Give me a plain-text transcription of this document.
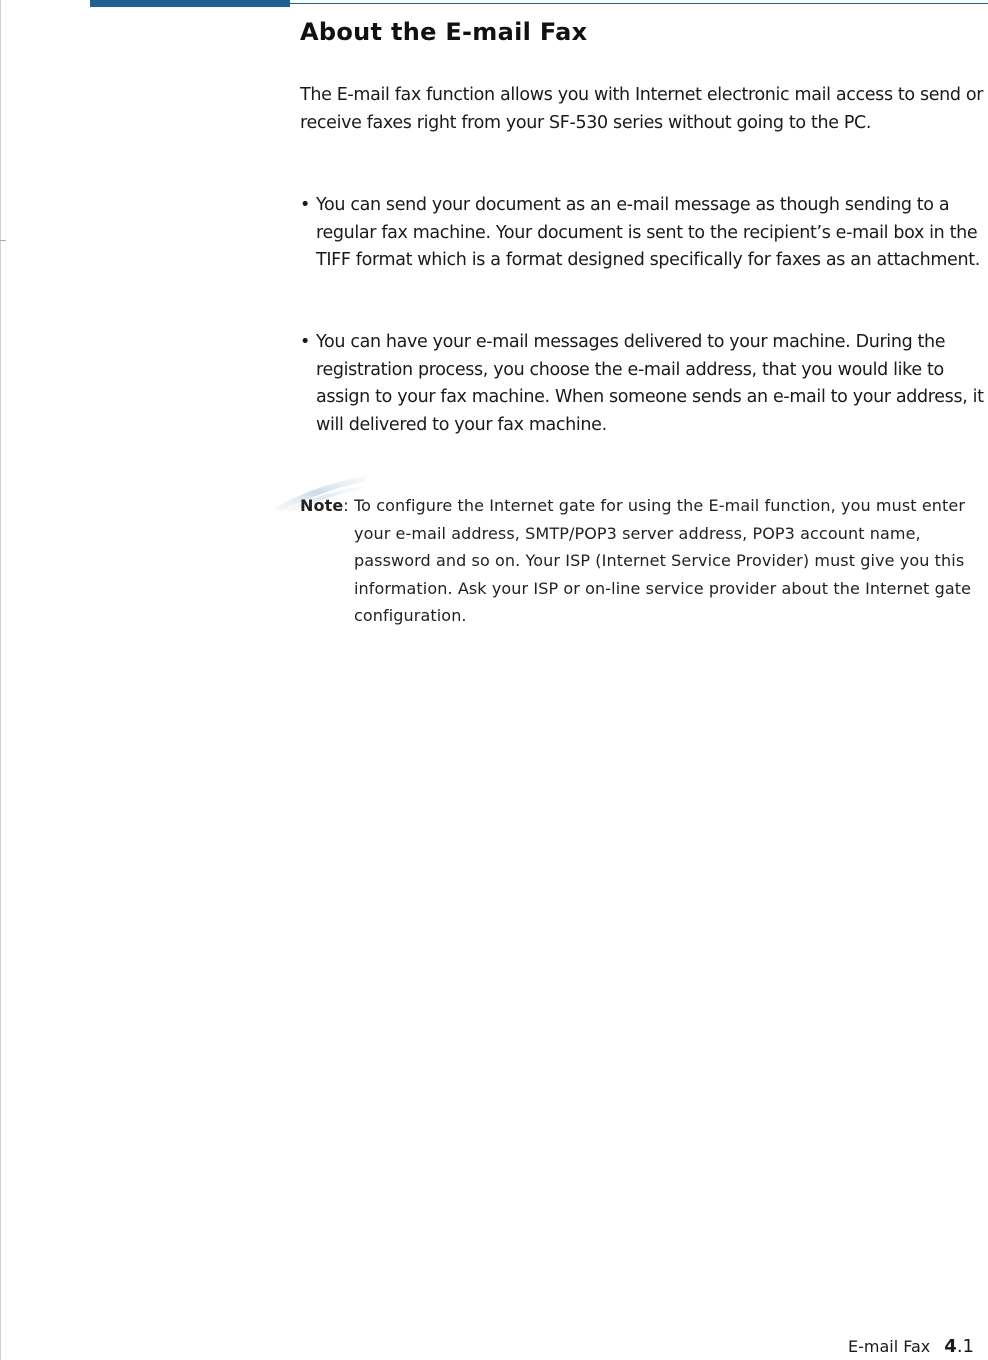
About the E-mail Fax

The E-mail fax function allows you with Internet electronic mail access to send or receive faxes right from your SF-530 series without going to the PC.

• You can send your document as an e-mail message as though sending to a regular fax machine. Your document is sent to the recipient’s e-mail box in the TIFF format which is a format designed specifically for faxes as an attachment.
• You can have your e-mail messages delivered to your machine. During the registration process, you choose the e-mail address, that you would like to assign to your fax machine. When someone sends an e-mail to your address, it will delivered to your fax machine.
Note: To configure the Internet gate for using the E-mail function, you must enter your e-mail address, SMTP/POP3 server address, POP3 account name, password and so on. Your ISP (Internet Service Provider) must give you this information. Ask your ISP or on-line service provider about the Internet gate configuration.
E-mail Fax 4.1
